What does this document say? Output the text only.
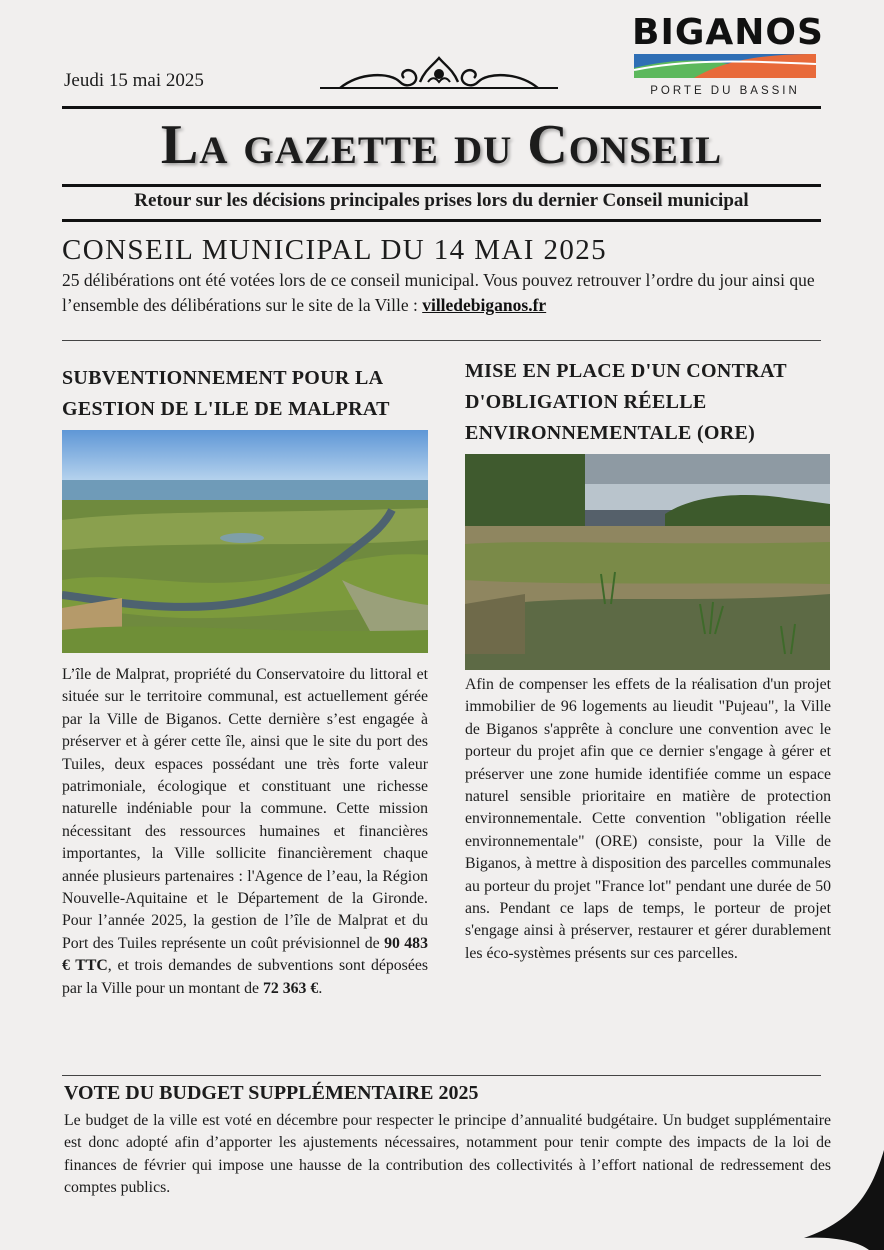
Jeudi 15 mai 2025
BIGANOS
PORTE DU BASSIN
La gazette du Conseil
Retour sur les décisions principales prises lors du dernier Conseil municipal
CONSEIL MUNICIPAL DU 14 MAI 2025
25 délibérations ont été votées lors de ce conseil municipal. Vous pouvez retrouver l’ordre du jour ainsi que l’ensemble des délibérations sur le site de la Ville : villedebiganos.fr
SUBVENTIONNEMENT POUR LA GESTION DE L'ILE DE MALPRAT
L’île de Malprat, propriété du Conservatoire du littoral et située sur le territoire communal, est actuellement gérée par la Ville de Biganos. Cette dernière s’est engagée à préserver et à gérer cette île, ainsi que le site du port des Tuiles, deux espaces possédant une très forte valeur patrimoniale, écologique et constituant une richesse naturelle indéniable pour la commune. Cette mission nécessitant des ressources humaines et financières importantes, la Ville sollicite financièrement chaque année plusieurs partenaires : l'Agence de l’eau, la Région Nouvelle-Aquitaine et le Département de la Gironde. Pour l’année 2025, la gestion de l’île de Malprat et du Port des Tuiles représente un coût prévisionnel de 90 483 € TTC, et trois demandes de subventions sont déposées par la Ville pour un montant de 72 363 €.
MISE EN PLACE D'UN CONTRAT D'OBLIGATION RÉELLE ENVIRONNEMENTALE (ORE)
Afin de compenser les effets de la réalisation d'un projet immobilier de 96 logements au lieudit "Pujeau", la Ville de Biganos s'apprête à conclure une convention avec le porteur du projet afin que ce dernier s'engage à gérer et préserver une zone humide identifiée comme un espace naturel sensible prioritaire en matière de protection environnementale. Cette convention "obligation réelle environnementale" (ORE) consiste, pour la Ville de Biganos, à mettre à disposition des parcelles communales au porteur du projet "France lot" pendant une durée de 50 ans. Pendant ce laps de temps, le porteur de projet s'engage ainsi à préserver, restaurer et gérer durablement les éco-systèmes présents sur ces parcelles.
VOTE DU BUDGET SUPPLÉMENTAIRE 2025
Le budget de la ville est voté en décembre pour respecter le principe d’annualité budgétaire. Un budget supplémentaire est donc adopté afin d’apporter les ajustements nécessaires, notamment pour tenir compte des impacts de la loi de finances de février qui impose une hausse de la contribution des collectivités à l’effort national de redressement des comptes publics.
